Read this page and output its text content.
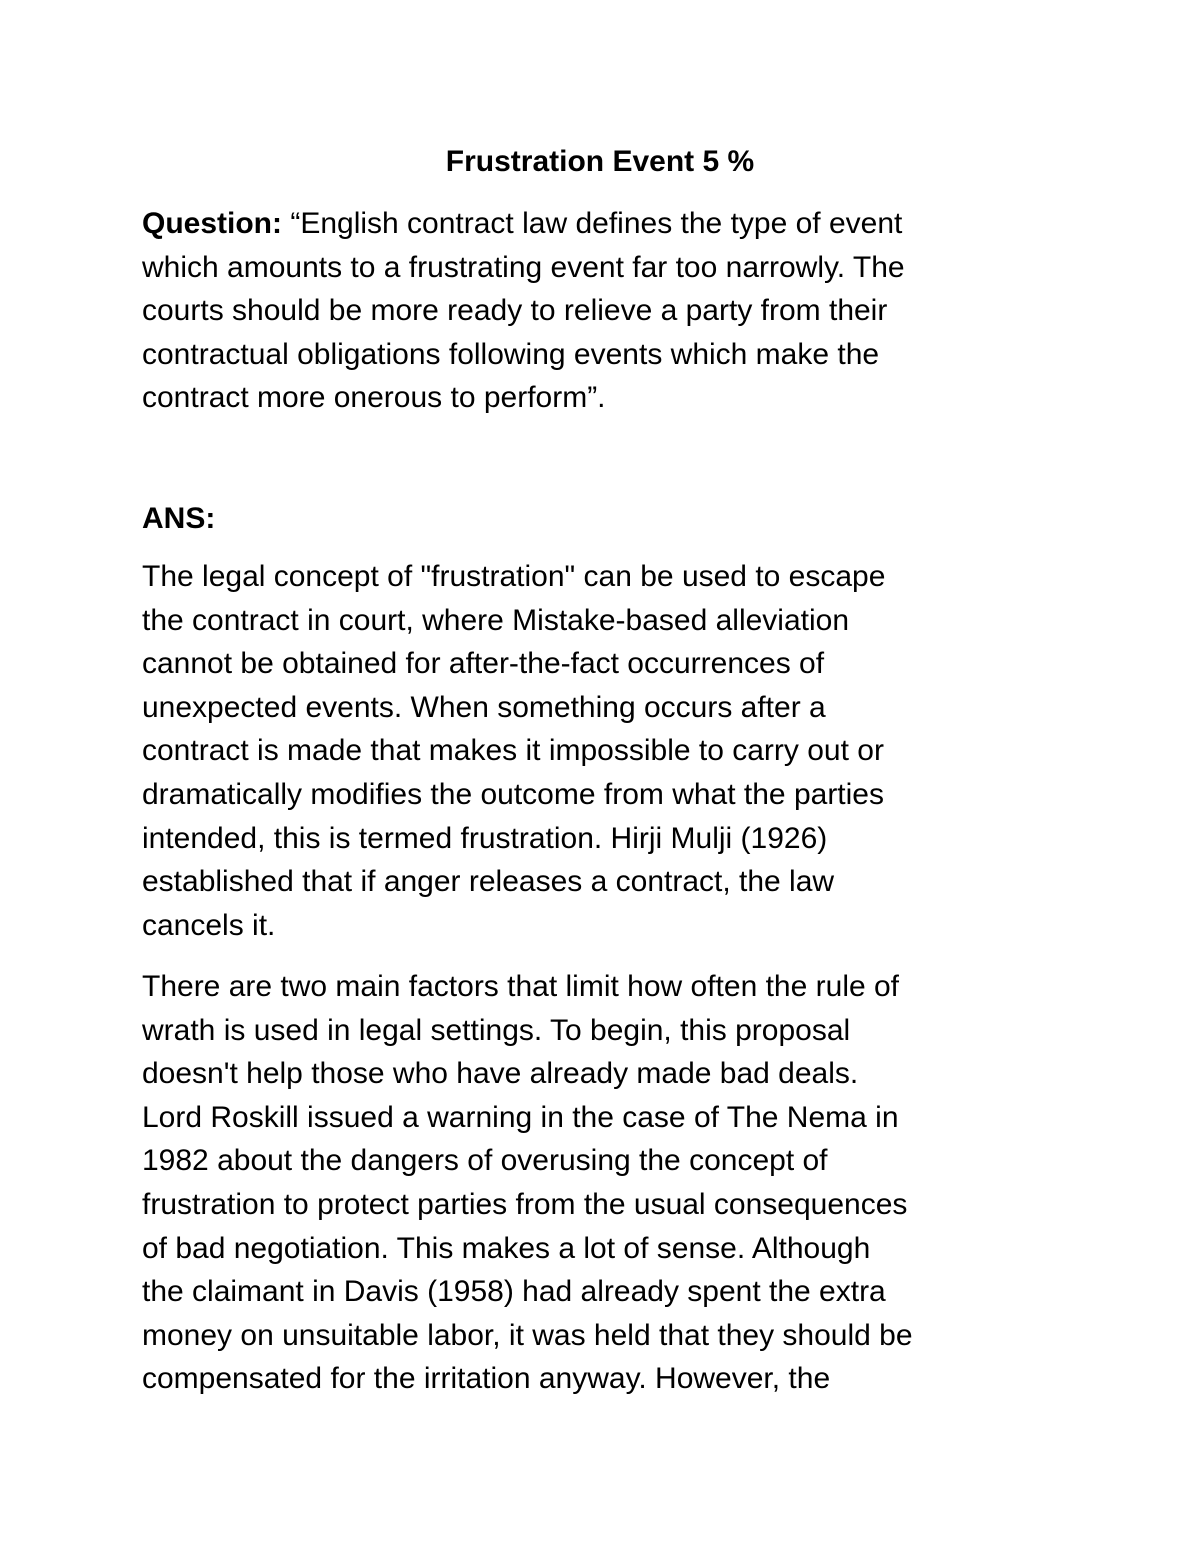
Frustration Event 5 %
Question: “English contract law defines the type of event
which amounts to a frustrating event far too narrowly. The
courts should be more ready to relieve a party from their
contractual obligations following events which make the
contract more onerous to perform”.
ANS:
The legal concept of "frustration" can be used to escape
the contract in court, where Mistake-based alleviation
cannot be obtained for after-the-fact occurrences of
unexpected events. When something occurs after a
contract is made that makes it impossible to carry out or
dramatically modifies the outcome from what the parties
intended, this is termed frustration. Hirji Mulji (1926)
established that if anger releases a contract, the law
cancels it.
There are two main factors that limit how often the rule of
wrath is used in legal settings. To begin, this proposal
doesn't help those who have already made bad deals.
Lord Roskill issued a warning in the case of The Nema in
1982 about the dangers of overusing the concept of
frustration to protect parties from the usual consequences
of bad negotiation. This makes a lot of sense. Although
the claimant in Davis (1958) had already spent the extra
money on unsuitable labor, it was held that they should be
compensated for the irritation anyway. However, the
